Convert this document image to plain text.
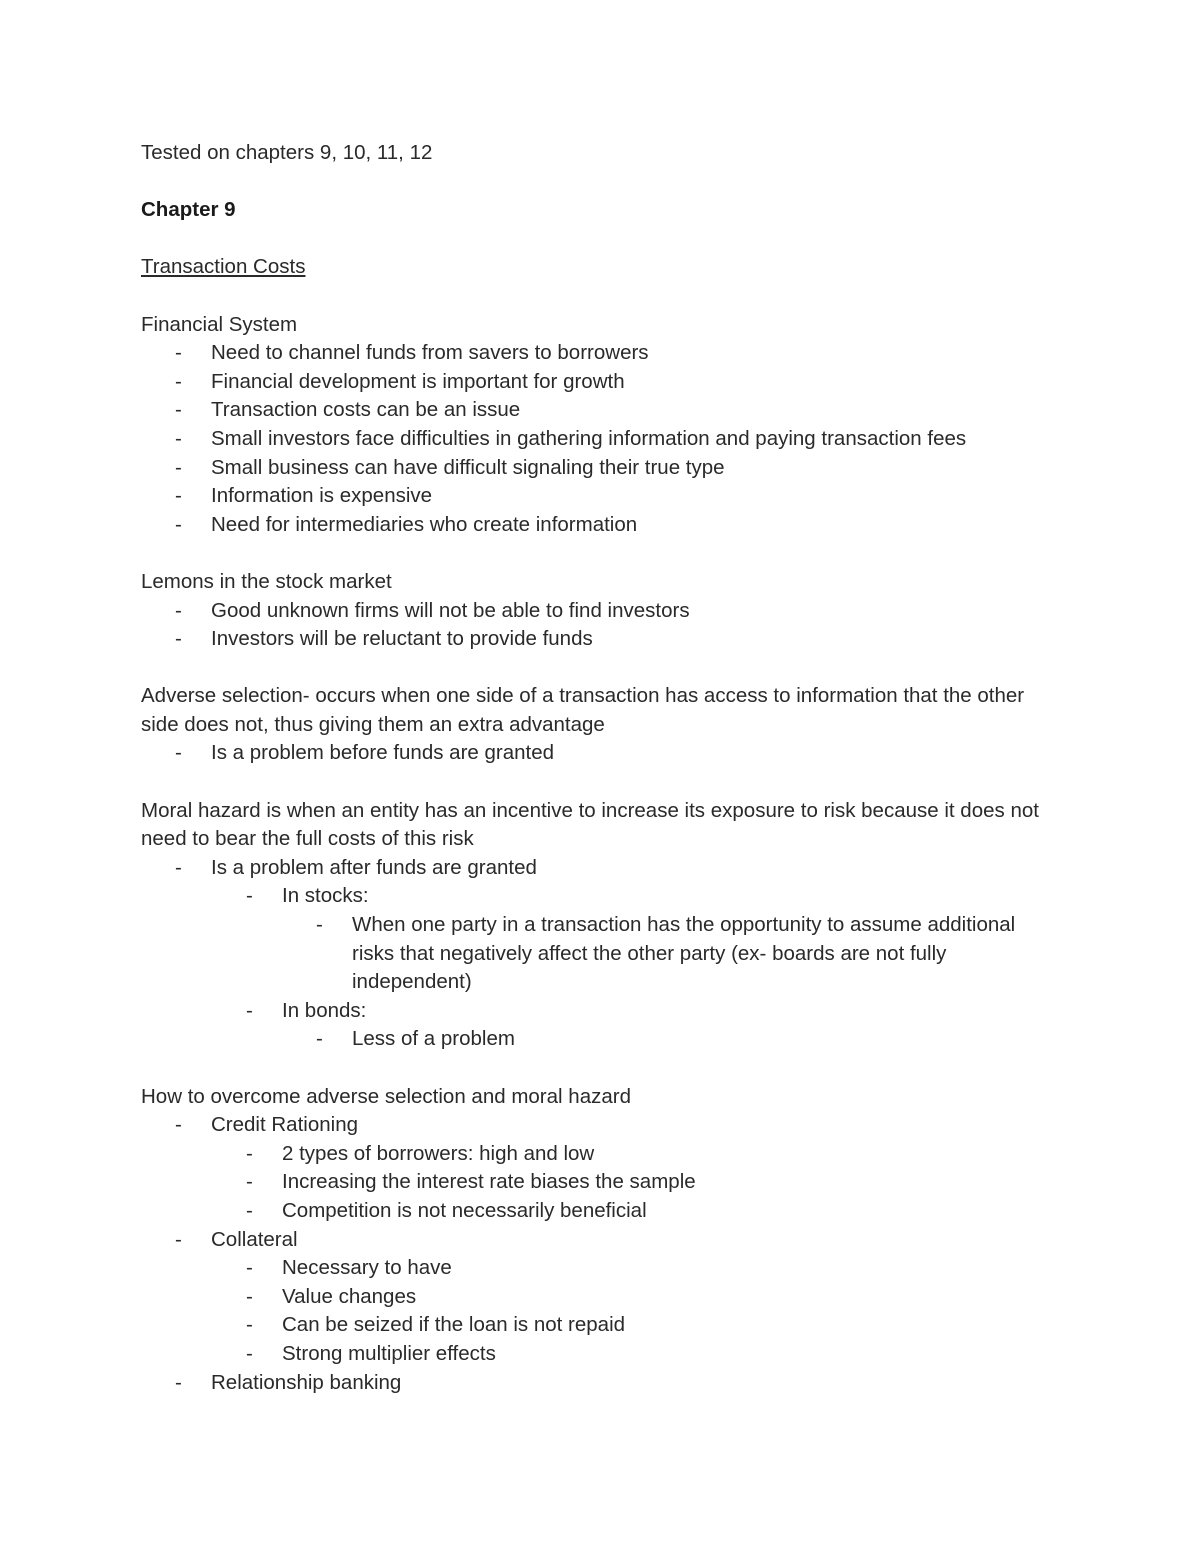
Tested on chapters 9, 10, 11, 12
Chapter 9
Transaction Costs
Financial System
- Need to channel funds from savers to borrowers
- Financial development is important for growth
- Transaction costs can be an issue
- Small investors face difficulties in gathering information and paying transaction fees
- Small business can have difficult signaling their true type
- Information is expensive
- Need for intermediaries who create information
Lemons in the stock market
- Good unknown firms will not be able to find investors
- Investors will be reluctant to provide funds
Adverse selection- occurs when one side of a transaction has access to information that the other side does not, thus giving them an extra advantage
- Is a problem before funds are granted
Moral hazard is when an entity has an incentive to increase its exposure to risk because it does not need to bear the full costs of this risk
- Is a problem after funds are granted
- In stocks:
- When one party in a transaction has the opportunity to assume additional risks that negatively affect the other party (ex- boards are not fully independent)
- In bonds:
- Less of a problem
How to overcome adverse selection and moral hazard
- Credit Rationing
- 2 types of borrowers: high and low
- Increasing the interest rate biases the sample
- Competition is not necessarily beneficial
- Collateral
- Necessary to have
- Value changes
- Can be seized if the loan is not repaid
- Strong multiplier effects
- Relationship banking
